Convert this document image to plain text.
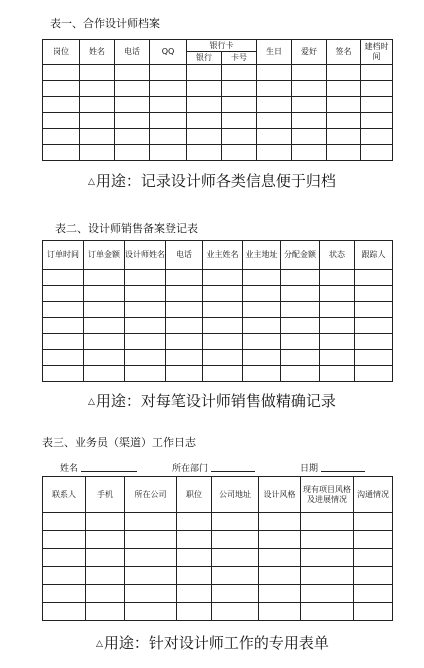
表一、合作设计师档案
岗位	姓名	电话	QQ	银行卡		生日	爱好	签名	建档时间
				银行	卡号				

△用途：记录设计师各类信息便于归档
表二、设计师销售备案登记表
订单时间	订单金额	设计师姓名	电话	业主姓名	业主地址	分配金额	状态	跟踪人

△用途：对每笔设计师销售做精确记录
表三、业务员（渠道）工作日志
姓名	所在部门	日期
联系人	手机	所在公司	职位	公司地址	设计风格	现有项目风格及进展情况	沟通情况

△用途：针对设计师工作的专用表单
